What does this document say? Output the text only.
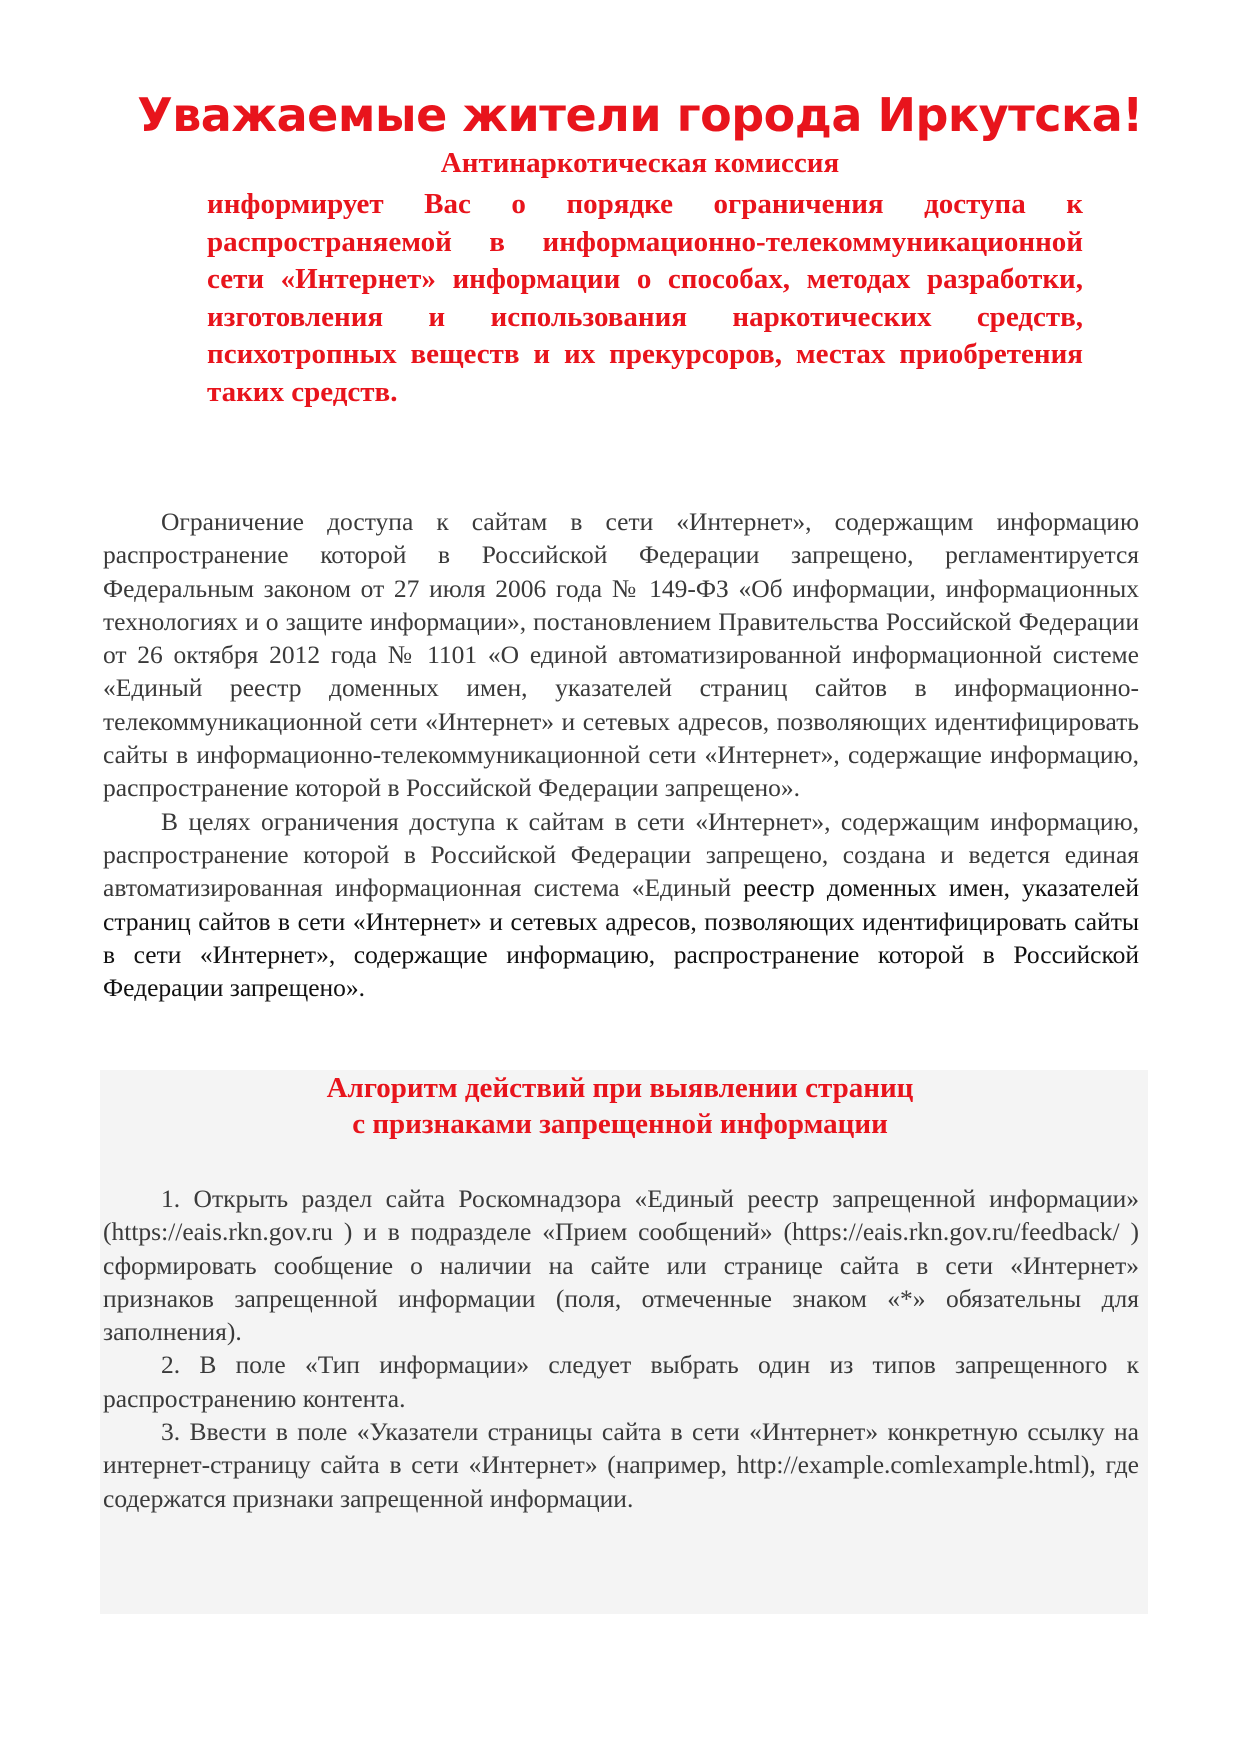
Уважаемые жители города Иркутска!
Антинаркотическая комиссия

информирует Вас о порядке ограничения доступа к распространяемой в информационно-телекоммуникационной сети «Интернет» информации о способах, методах разработки, изготовления и использования наркотических средств, психотропных веществ и их прекурсоров, местах приобретения таких средств.

Ограничение доступа к сайтам в сети «Интернет», содержащим информацию распространение которой в Российской Федерации запрещено, регламентируется Федеральным законом от 27 июля 2006 года № 149-ФЗ «Об информации, информационных технологиях и о защите информации», постановлением Правительства Российской Федерации от 26 октября 2012 года № 1101 «О единой автоматизированной информационной системе «Единый реестр доменных имен, указателей страниц сайтов в информационно-телекоммуникационной сети «Интернет» и сетевых адресов, позволяющих идентифицировать сайты в информационно-телекоммуникационной сети «Интернет», содержащие информацию, распространение которой в Российской Федерации запрещено».

В целях ограничения доступа к сайтам в сети «Интернет», содержащим информацию, распространение которой в Российской Федерации запрещено, создана и ведется единая автоматизированная информационная система «Единый реестр доменных имен, указателей страниц сайтов в сети «Интернет» и сетевых адресов, позволяющих идентифицировать сайты в сети «Интернет», содержащие информацию, распространение которой в Российской Федерации запрещено».

Алгоритм действий при выявлении страниц
с признаками запрещенной информации
1. Открыть раздел сайта Роскомнадзора «Единый реестр запрещенной информации» (https://eais.rkn.gov.ru ) и в подразделе «Прием сообщений» (https://eais.rkn.gov.ru/feedback/ ) сформировать сообщение о наличии на сайте или странице сайта в сети «Интернет» признаков запрещенной информации (поля, отмеченные знаком «*» обязательны для заполнения).
2. В поле «Тип информации» следует выбрать один из типов запрещенного к распространению контента.
3. Ввести в поле «Указатели страницы сайта в сети «Интернет» конкретную ссылку на интернет-страницу сайта в сети «Интернет» (например, http://example.comlexample.html), где содержатся признаки запрещенной информации.
